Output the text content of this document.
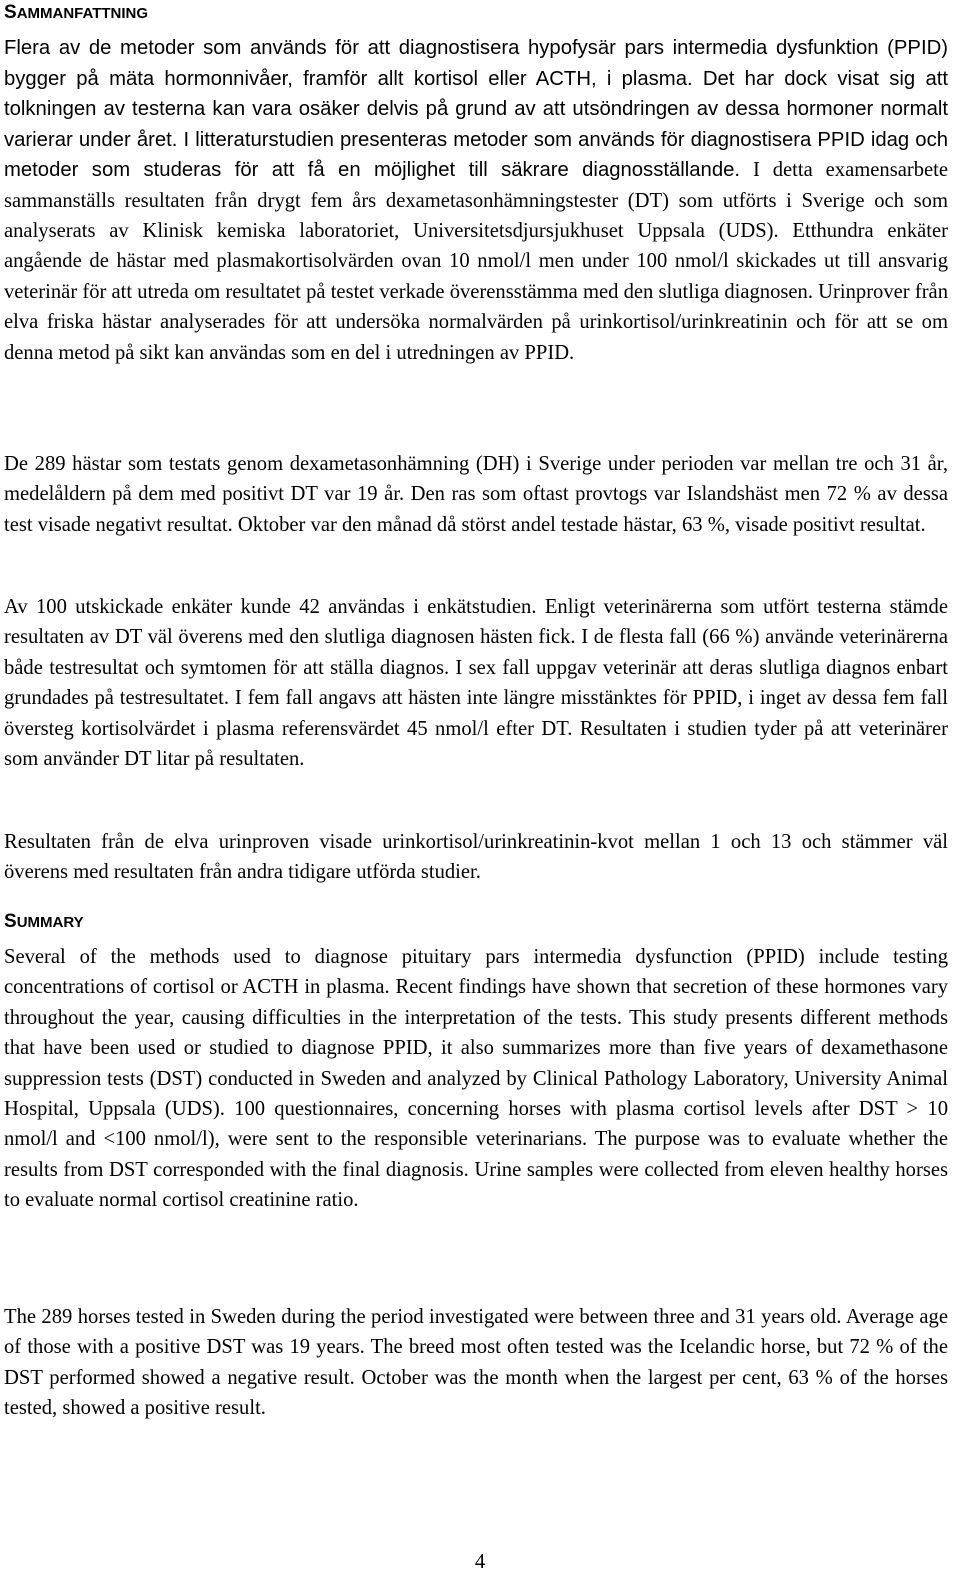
SAMMANFATTNING

Flera av de metoder som används för att diagnostisera hypofysär pars intermedia dysfunktion (PPID) bygger på mäta hormonnivåer, framför allt kortisol eller ACTH, i plasma. Det har dock visat sig att tolkningen av testerna kan vara osäker delvis på grund av att utsöndringen av dessa hormoner normalt varierar under året. I litteraturstudien presenteras metoder som används för diagnostisera PPID idag och metoder som studeras för att få en möjlighet till säkrare diagnosställande. I detta examensarbete sammanställs resultaten från drygt fem års dexametasonhämningstester (DT) som utförts i Sverige och som analyserats av Klinisk kemiska laboratoriet, Universitetsdjursjukhuset Uppsala (UDS). Etthundra enkäter angående de hästar med plasmakortisolvärden ovan 10 nmol/l men under 100 nmol/l skickades ut till ansvarig veterinär för att utreda om resultatet på testet verkade överensstämma med den slutliga diagnosen. Urinprover från elva friska hästar analyserades för att undersöka normalvärden på urinkortisol/urinkreatinin och för att se om denna metod på sikt kan användas som en del i utredningen av PPID.

De 289 hästar som testats genom dexametasonhämning (DH) i Sverige under perioden var mellan tre och 31 år, medelåldern på dem med positivt DT var 19 år. Den ras som oftast provtogs var Islandshäst men 72 % av dessa test visade negativt resultat. Oktober var den månad då störst andel testade hästar, 63 %, visade positivt resultat.

Av 100 utskickade enkäter kunde 42 användas i enkätstudien. Enligt veterinärerna som utfört testerna stämde resultaten av DT väl överens med den slutliga diagnosen hästen fick. I de flesta fall (66 %) använde veterinärerna både testresultat och symtomen för att ställa diagnos. I sex fall uppgav veterinär att deras slutliga diagnos enbart grundades på testresultatet. I fem fall angavs att hästen inte längre misstänktes för PPID, i inget av dessa fem fall översteg kortisolvärdet i plasma referensvärdet 45 nmol/l efter DT. Resultaten i studien tyder på att veterinärer som använder DT litar på resultaten.

Resultaten från de elva urinproven visade urinkortisol/urinkreatinin-kvot mellan 1 och 13 och stämmer väl överens med resultaten från andra tidigare utförda studier.

SUMMARY

Several of the methods used to diagnose pituitary pars intermedia dysfunction (PPID) include testing concentrations of cortisol or ACTH in plasma. Recent findings have shown that secretion of these hormones vary throughout the year, causing difficulties in the interpretation of the tests. This study presents different methods that have been used or studied to diagnose PPID, it also summarizes more than five years of dexamethasone suppression tests (DST) conducted in Sweden and analyzed by Clinical Pathology Laboratory, University Animal Hospital, Uppsala (UDS). 100 questionnaires, concerning horses with plasma cortisol levels after DST > 10 nmol/l and <100 nmol/l), were sent to the responsible veterinarians. The purpose was to evaluate whether the results from DST corresponded with the final diagnosis. Urine samples were collected from eleven healthy horses to evaluate normal cortisol creatinine ratio.

The 289 horses tested in Sweden during the period investigated were between three and 31 years old. Average age of those with a positive DST was 19 years. The breed most often tested was the Icelandic horse, but 72 % of the DST performed showed a negative result. October was the month when the largest per cent, 63 % of the horses tested, showed a positive result.

4
